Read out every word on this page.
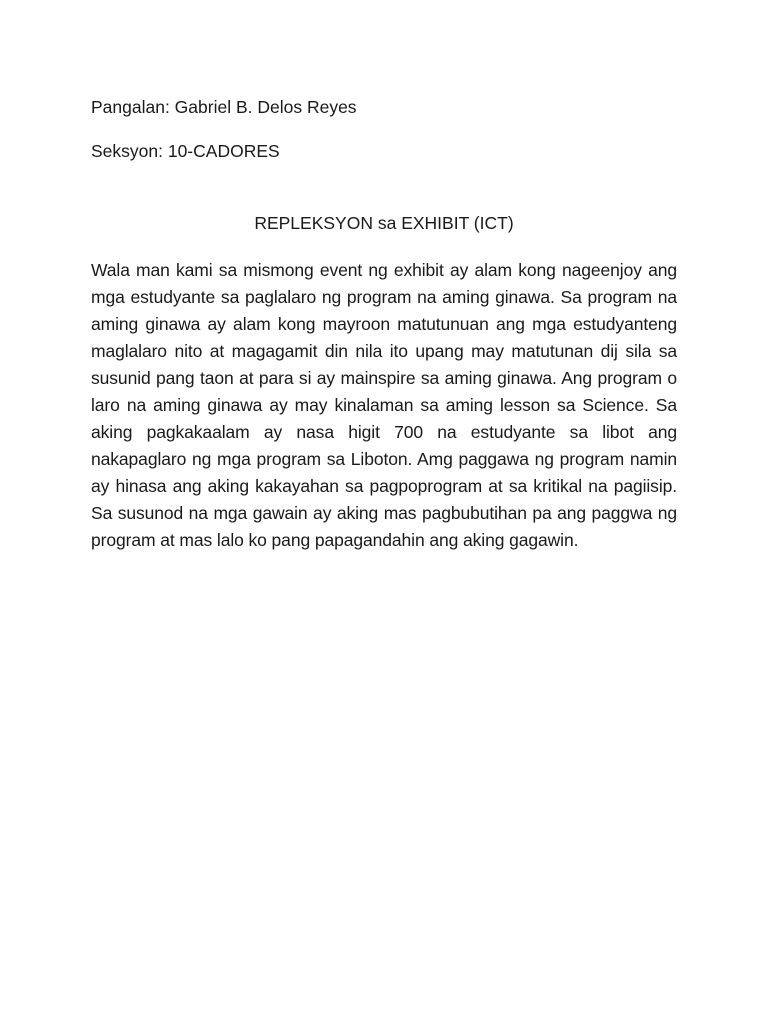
Pangalan: Gabriel B. Delos Reyes
Seksyon: 10-CADORES
REPLEKSYON sa EXHIBIT (ICT)

Wala man kami sa mismong event ng exhibit ay alam kong nageenjoy ang mga estudyante sa paglalaro ng program na aming ginawa. Sa program na aming ginawa ay alam kong mayroon matutunuan ang mga estudyanteng maglalaro nito at magagamit din nila ito upang may matutunan dij sila sa susunid pang taon at para si ay mainspire sa aming ginawa. Ang program o laro na aming ginawa ay may kinalaman sa aming lesson sa Science. Sa aking pagkakaalam ay nasa higit 700 na estudyante sa libot ang nakapaglaro ng mga program sa Liboton. Amg paggawa ng program namin ay hinasa ang aking kakayahan sa pagpoprogram at sa kritikal na pagiisip. Sa susunod na mga gawain ay aking mas pagbubutihan pa ang paggwa ng program at mas lalo ko pang papagandahin ang aking gagawin.
